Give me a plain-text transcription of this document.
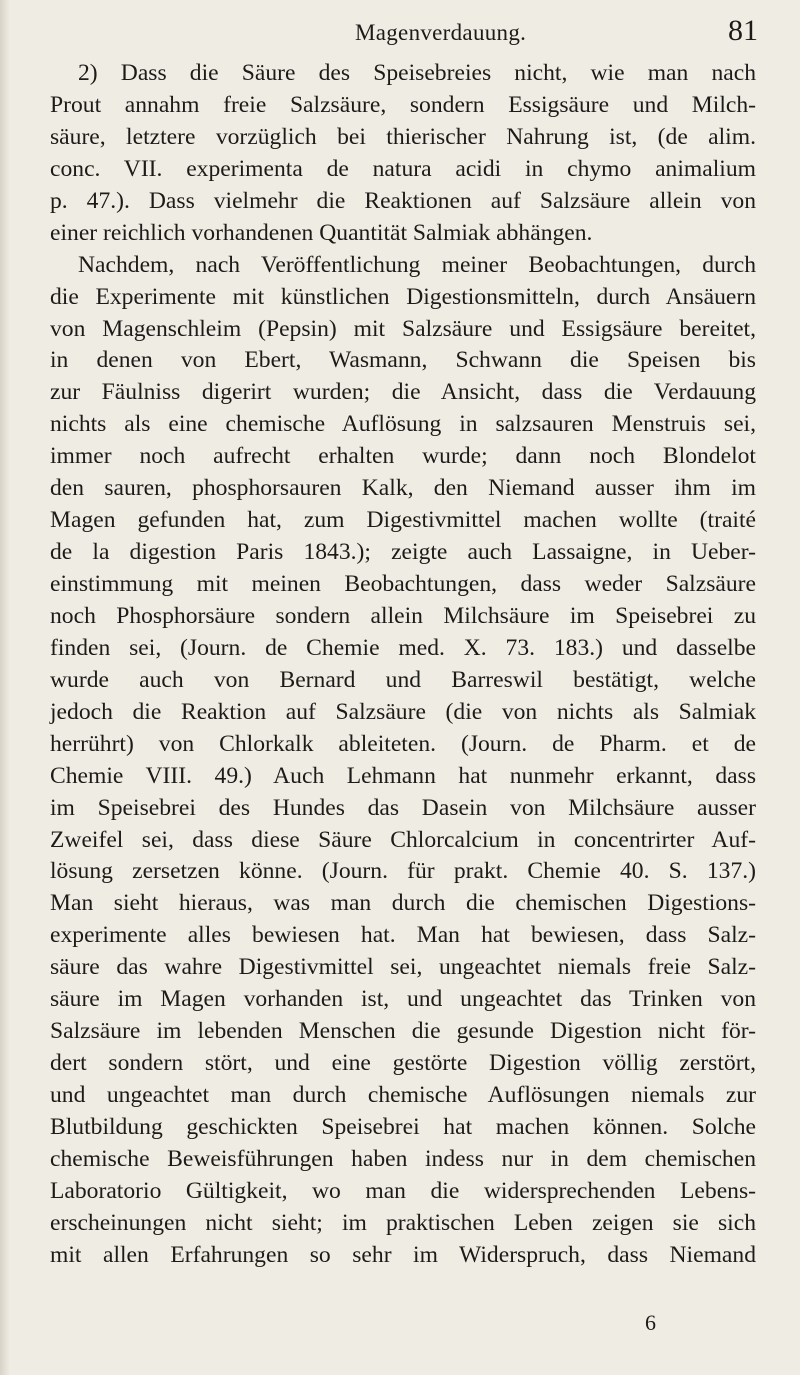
Magenverdauung.	81
2) Dass die Säure des Speisebreies nicht, wie man nach
Prout annahm freie Salzsäure, sondern Essigsäure und Milch-
säure, letztere vorzüglich bei thierischer Nahrung ist, (de alim.
conc. VII. experimenta de natura acidi in chymo animalium
p. 47.). Dass vielmehr die Reaktionen auf Salzsäure allein von
einer reichlich vorhandenen Quantität Salmiak abhängen.
Nachdem, nach Veröffentlichung meiner Beobachtungen, durch
die Experimente mit künstlichen Digestionsmitteln, durch Ansäuern
von Magenschleim (Pepsin) mit Salzsäure und Essigsäure bereitet,
in denen von Ebert, Wasmann, Schwann die Speisen bis
zur Fäulniss digerirt wurden; die Ansicht, dass die Verdauung
nichts als eine chemische Auflösung in salzsauren Menstruis sei,
immer noch aufrecht erhalten wurde; dann noch Blondelot
den sauren, phosphorsauren Kalk, den Niemand ausser ihm im
Magen gefunden hat, zum Digestivmittel machen wollte (traité
de la digestion Paris 1843.); zeigte auch Lassaigne, in Ueber-
einstimmung mit meinen Beobachtungen, dass weder Salzsäure
noch Phosphorsäure sondern allein Milchsäure im Speisebrei zu
finden sei, (Journ. de Chemie med. X. 73. 183.) und dasselbe
wurde auch von Bernard und Barreswil bestätigt, welche
jedoch die Reaktion auf Salzsäure (die von nichts als Salmiak
herrührt) von Chlorkalk ableiteten. (Journ. de Pharm. et de
Chemie VIII. 49.) Auch Lehmann hat nunmehr erkannt, dass
im Speisebrei des Hundes das Dasein von Milchsäure ausser
Zweifel sei, dass diese Säure Chlorcalcium in concentrirter Auf-
lösung zersetzen könne. (Journ. für prakt. Chemie 40. S. 137.)
Man sieht hieraus, was man durch die chemischen Digestions-
experimente alles bewiesen hat. Man hat bewiesen, dass Salz-
säure das wahre Digestivmittel sei, ungeachtet niemals freie Salz-
säure im Magen vorhanden ist, und ungeachtet das Trinken von
Salzsäure im lebenden Menschen die gesunde Digestion nicht för-
dert sondern stört, und eine gestörte Digestion völlig zerstört,
und ungeachtet man durch chemische Auflösungen niemals zur
Blutbildung geschickten Speisebrei hat machen können. Solche
chemische Beweisführungen haben indess nur in dem chemischen
Laboratorio Gültigkeit, wo man die widersprechenden Lebens-
erscheinungen nicht sieht; im praktischen Leben zeigen sie sich
mit allen Erfahrungen so sehr im Widerspruch, dass Niemand
6
